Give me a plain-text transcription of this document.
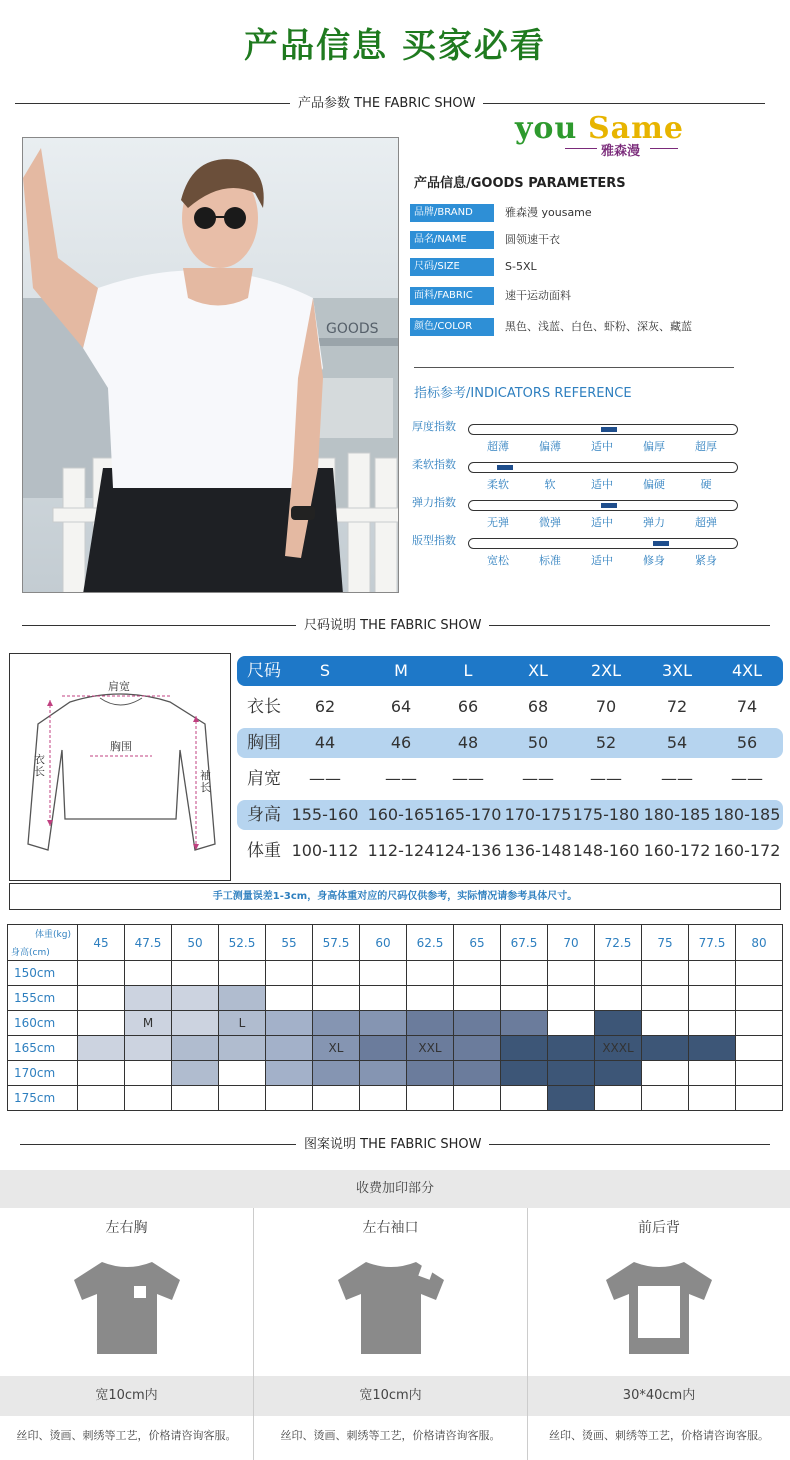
产品信息 买家必看
产品参数 THE FABRIC SHOW
GOODS
you Same
雅森漫
产品信息/GOODS PARAMETERS
品牌/BRAND	雅森漫 yousame
品名/NAME	圆领速干衣
尺码/SIZE	S-5XL
面料/FABRIC	速干运动面料
颜色/COLOR	黑色、浅蓝、白色、虾粉、深灰、藏蓝
指标参考/INDICATORS REFERENCE
厚度指数
超薄	偏薄	适中	偏厚	超厚
柔软指数
柔软	软	适中	偏硬	硬
弹力指数
无弹	微弹	适中	弹力	超弹
版型指数
宽松	标准	适中	修身	紧身
尺码说明 THE FABRIC SHOW
肩宽
胸围
衣长	袖长
尺码	S	M	L	XL	2XL	3XL	4XL
衣长	62	64	66	68	70	72	74
胸围	44	46	48	50	52	54	56
肩宽	——	——	——	——	——	——	——
身高 155-160 160-165 165-170 170-175 175-180 180-185 180-185
体重 100-112 112-124 124-136 136-148 148-160 160-172 160-172
手工测量误差1-3cm，身高体重对应的尺码仅供参考，实际情况请参考具体尺寸。
体重(kg)
身高(cm)	45	47.5	50	52.5	55	57.5	60	62.5	65	67.5	70	72.5	75	77.5	80
150cm															
155cm															
160cm		M		L											
165cm						XL		XXL				XXXL			
170cm															
175cm															
图案说明 THE FABRIC SHOW
收费加印部分
左右胸
宽10cm内
丝印、烫画、刺绣等工艺，价格请咨询客服。
左右袖口
宽10cm内
丝印、烫画、刺绣等工艺，价格请咨询客服。
前后背
30*40cm内
丝印、烫画、刺绣等工艺，价格请咨询客服。
